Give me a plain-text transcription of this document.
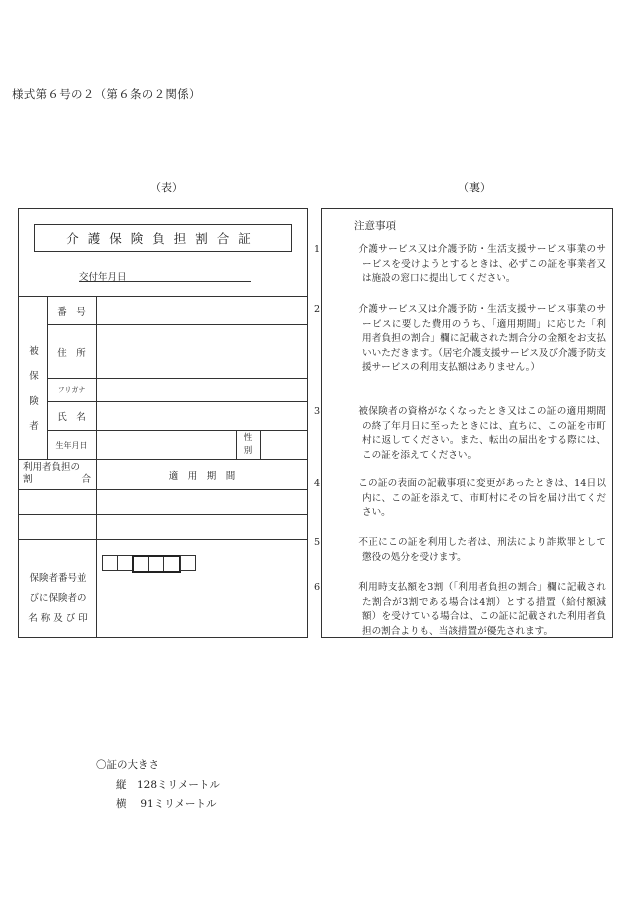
様式第６号の２（第６条の２関係）
（表）	（裏）
介護保険負担割合証
交付年月日
被
保
険
者
番　号
住　所
フリガナ
氏　名
生年月日
性
別
利用者負担の
割	合	適　用　期　間
保険者番号並
びに保険者の
名 称 及 び 印
注意事項
1	介護サービス又は介護予防・生活支援サービス事業のサービスを受けようとするときは、必ずこの証を事業者又は施設の窓口に提出してください。
2	介護サービス又は介護予防・生活支援サービス事業のサービスに要した費用のうち、「適用期間」に応じた「利用者負担の割合」欄に記載された割合分の金額をお支払いいただきます。（居宅介護支援サービス及び介護予防支援サービスの利用支払額はありません。）
3	被保険者の資格がなくなったとき又はこの証の適用期間の終了年月日に至ったときには、直ちに、この証を市町村に返してください。また、転出の届出をする際には、この証を添えてください。
4	この証の表面の記載事項に変更があったときは、14日以内に、この証を添えて、市町村にその旨を届け出てください。
5	不正にこの証を利用した者は、刑法により詐欺罪として懲役の処分を受けます。
6	利用時支払額を3割（「利用者負担の割合」欄に記載された割合が3割である場合は4割）とする措置（給付額減額）を受けている場合は、この証に記載された利用者負担の割合よりも、当該措置が優先されます。
〇証の大きさ
縦　128ミリメートル
横　 91ミリメートル
